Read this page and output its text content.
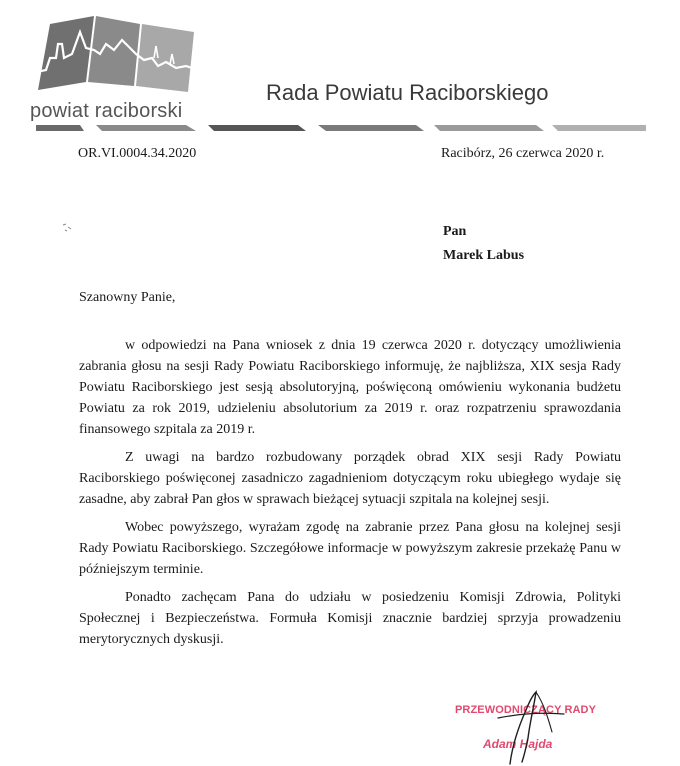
powiat raciborski
Rada Powiatu Raciborskiego
OR.VI.0004.34.2020	Racibórz, 26 czerwca 2020 r.
Pan
Marek Labus
Szanowny Panie,

w odpowiedzi na Pana wniosek z dnia 19 czerwca 2020 r. dotyczący umożliwienia zabrania głosu na sesji Rady Powiatu Raciborskiego informuję, że najbliższa, XIX sesja Rady Powiatu Raciborskiego jest sesją absolutoryjną, poświęconą omówieniu wykonania budżetu Powiatu za rok 2019, udzieleniu absolutorium za 2019 r. oraz rozpatrzeniu sprawozdania finansowego szpitala za 2019 r.

Z uwagi na bardzo rozbudowany porządek obrad XIX sesji Rady Powiatu Raciborskiego poświęconej zasadniczo zagadnieniom dotyczącym roku ubiegłego wydaje się zasadne, aby zabrał Pan głos w sprawach bieżącej sytuacji szpitala na kolejnej sesji.

Wobec powyższego, wyrażam zgodę na zabranie przez Pana głosu na kolejnej sesji Rady Powiatu Raciborskiego. Szczegółowe informacje w powyższym zakresie przekażę Panu w późniejszym terminie.

Ponadto zachęcam Pana do udziału w posiedzeniu Komisji Zdrowia, Polityki Społecznej i Bezpieczeństwa. Formuła Komisji znacznie bardziej sprzyja prowadzeniu merytorycznych dyskusji.

PRZEWODNICZĄCY RADY
Adam Hajda
